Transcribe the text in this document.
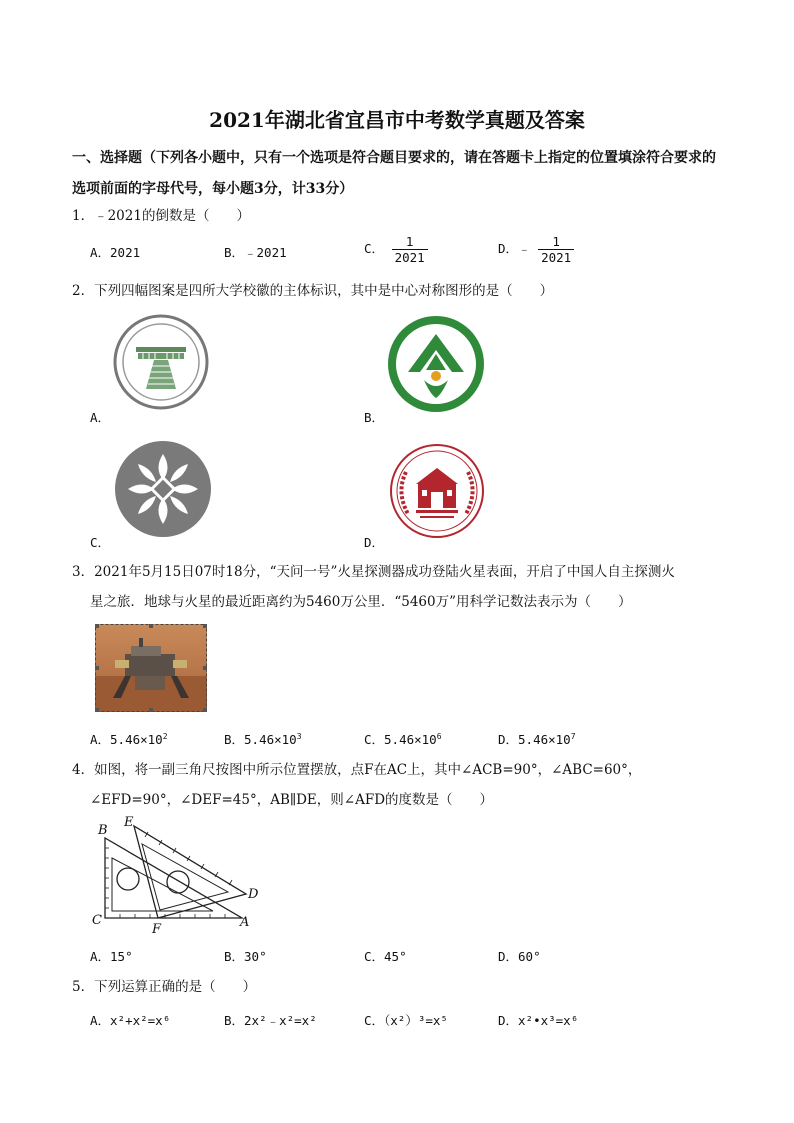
2021年湖北省宜昌市中考数学真题及答案
一、选择题（下列各小题中，只有一个选项是符合题目要求的，请在答题卡上指定的位置填涂符合要求的
选项前面的字母代号，每小题3分，计33分）
1．﹣2021的倒数是（　　）
A．2021	B．﹣2021	C． $\frac{1}{2021}$	D．﹣ $\frac{1}{2021}$
2．下列四幅图案是四所大学校徽的主体标识，其中是中心对称图形的是（　　）
A．	B．
C．	D．
3．2021年5月15日07时18分，“天问一号”火星探测器成功登陆火星表面，开启了中国人自主探测火
星之旅．地球与火星的最近距离约为5460万公里．“5460万”用科学记数法表示为（　　）
A．$5.46\times 10^2$	B．$5.46\times 10^3$	C．$5.46\times 10^6$	D．$5.46\times 10^7$
4．如图，将一副三角尺按图中所示位置摆放，点F在AC上，其中∠ACB=90°，∠ABC=60°，
∠EFD=90°，∠DEF=45°，AB∥DE，则∠AFD的度数是（　　）
B
E
D
C
F	A
A．15°	B．30°	C．45°	D．60°
5．下列运算正确的是（　　）
A．x²+x²=x⁶	B．2x²﹣x²=x²	C．（x²）³=x⁵	D．x²•x³=x⁶
